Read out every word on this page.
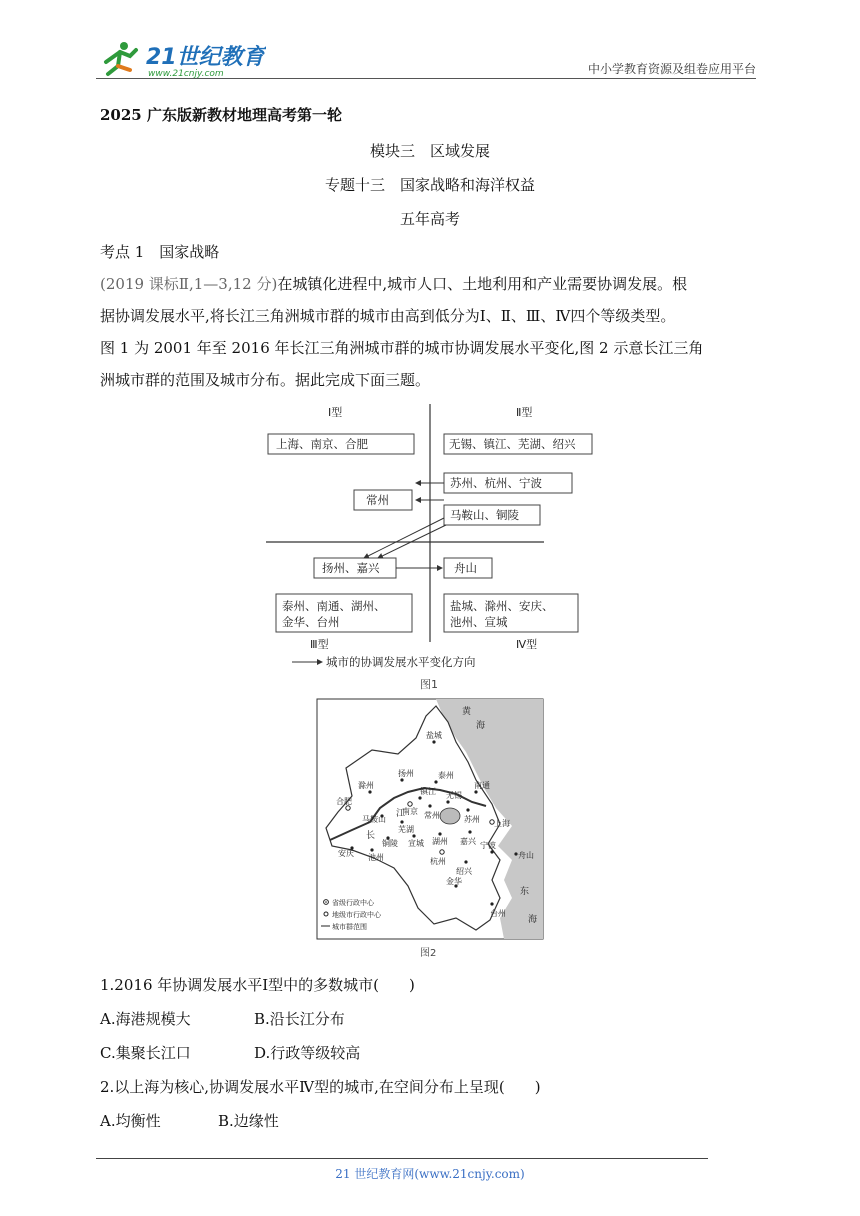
21世纪教育
www.21cnjy.com	中小学教育资源及组卷应用平台
2025 广东版新教材地理高考第一轮
模块三　区域发展
专题十三　国家战略和海洋权益
五年高考
考点 1　国家战略
(2019 课标Ⅱ,1—3,12 分)在城镇化进程中,城市人口、土地利用和产业需要协调发展。根
据协调发展水平,将长江三角洲城市群的城市由高到低分为Ⅰ、Ⅱ、Ⅲ、Ⅳ四个等级类型。
图 1 为 2001 年至 2016 年长江三角洲城市群的城市协调发展水平变化,图 2 示意长江三角
洲城市群的范围及城市分布。据此完成下面三题。
Ⅰ型	Ⅱ型
Ⅲ型	Ⅳ型
上海、南京、合肥	无锡、镇江、芜湖、绍兴
苏州、杭州、宁波
常州
马鞍山、铜陵
扬州、嘉兴	舟山
泰州、南通、湖州、
金华、台州
盐城、滁州、安庆、
池州、宣城
城市的协调发展水平变化方向
图1
盐城
扬州	泰州
滁州	南通
镇江
合肥
南京 常州
无锡
苏州 上海
马鞍山
芜湖
湖州 嘉兴
铜陵 宣城
杭州
宁波
舟山
安庆 池州
绍兴
金华
台州
江
长
黄
海
东
海
省级行政中心
地级市行政中心
城市群范围
图2
1.2016 年协调发展水平Ⅰ型中的多数城市(　　)
A.海港规模大	B.沿长江分布
C.集聚长江口	D.行政等级较高
2.以上海为核心,协调发展水平Ⅳ型的城市,在空间分布上呈现(　　)
A.均衡性	B.边缘性
21 世纪教育网(www.21cnjy.com)
